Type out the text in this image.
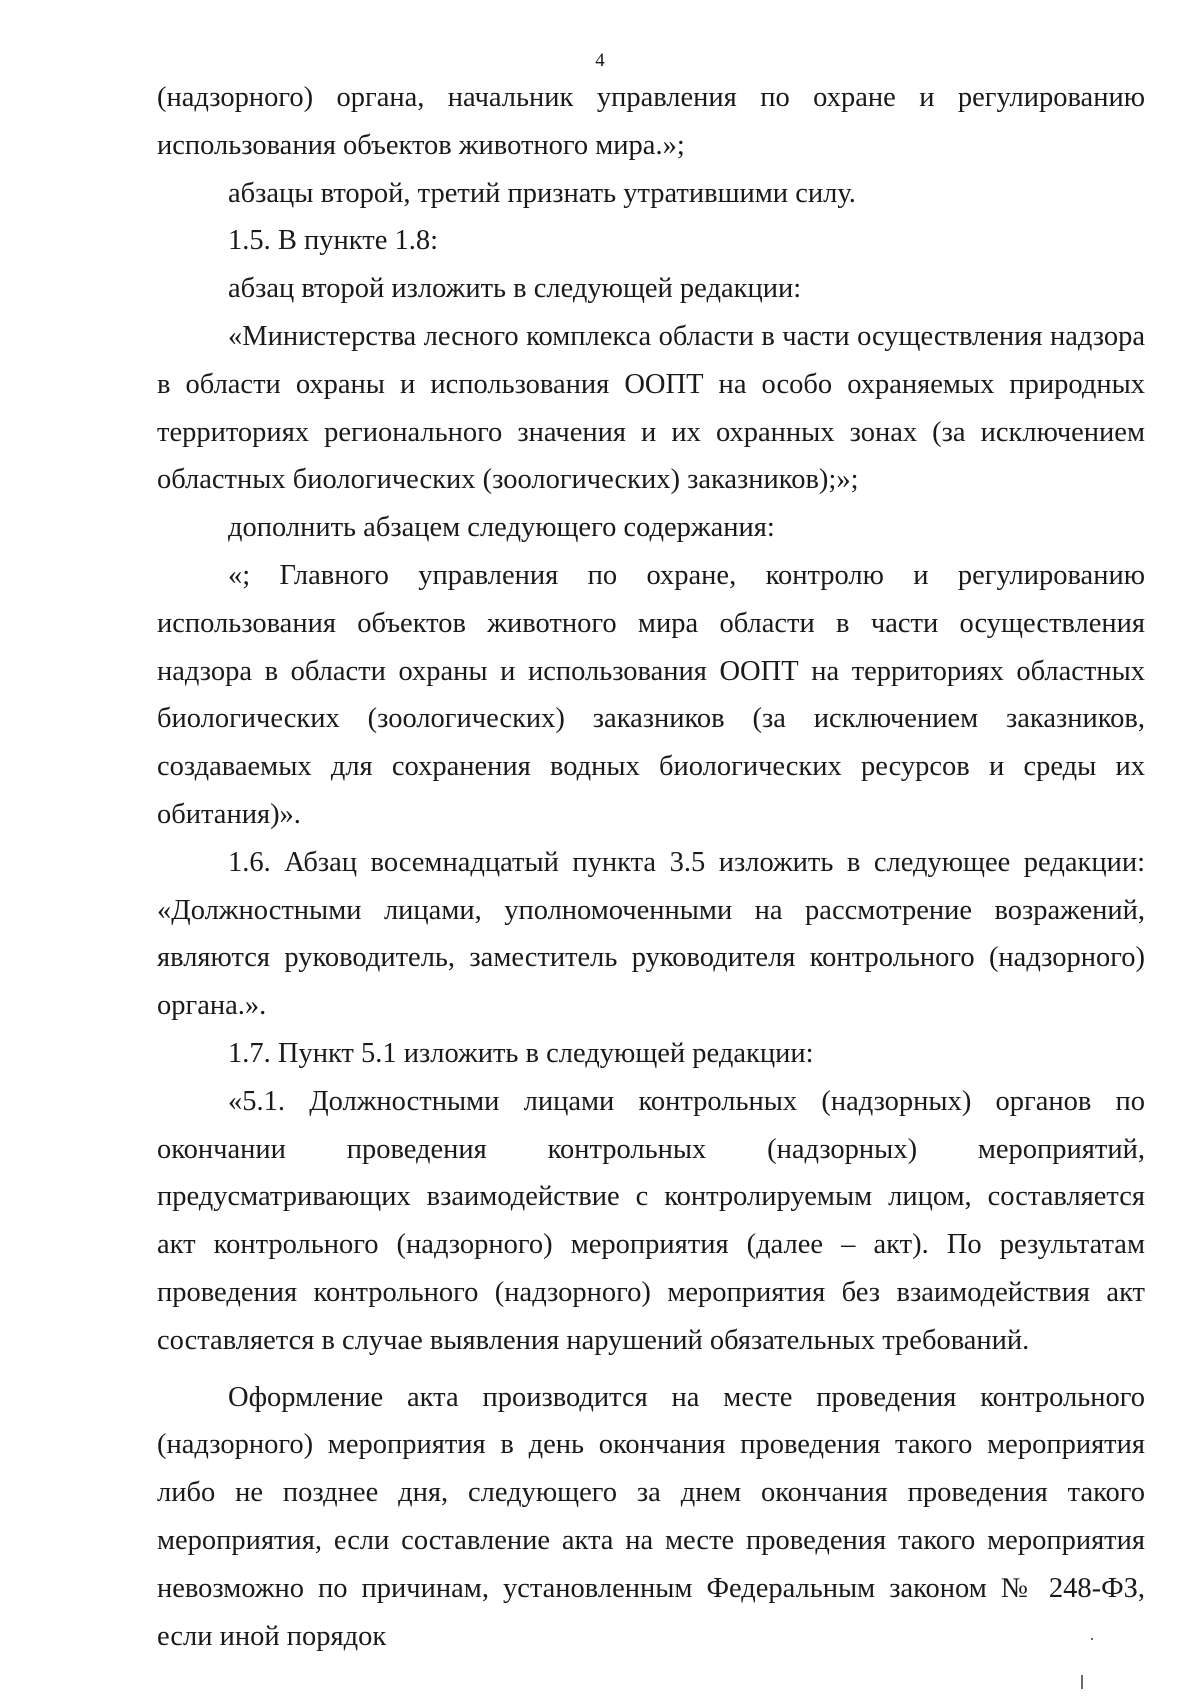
4

(надзорного) органа, начальник управления по охране и регулированию использования объектов животного мира.»;

абзацы второй, третий признать утратившими силу.

1.5. В пункте 1.8:

абзац второй изложить в следующей редакции:

«Министерства лесного комплекса области в части осуществления надзора в области охраны и использования ООПТ на особо охраняемых природных территориях регионального значения и их охранных зонах (за исключением областных биологических (зоологических) заказников);»;

дополнить абзацем следующего содержания:

«; Главного управления по охране, контролю и регулированию использования объектов животного мира области в части осуществления надзора в области охраны и использования ООПТ на территориях областных биологических (зоологических) заказников (за исключением заказников, создаваемых для сохранения водных биологических ресурсов и среды их обитания)».

1.6. Абзац восемнадцатый пункта 3.5 изложить в следующее редакции: «Должностными лицами, уполномоченными на рассмотрение возражений, являются руководитель, заместитель руководителя контрольного (надзорного) органа.».

1.7. Пункт 5.1 изложить в следующей редакции:

«5.1. Должностными лицами контрольных (надзорных) органов по окончании проведения контрольных (надзорных) мероприятий, предусматривающих взаимодействие с контролируемым лицом, составляется акт контрольного (надзорного) мероприятия (далее – акт). По результатам проведения контрольного (надзорного) мероприятия без взаимодействия акт составляется в случае выявления нарушений обязательных требований.

Оформление акта производится на месте проведения контрольного (надзорного) мероприятия в день окончания проведения такого мероприятия либо не позднее дня, следующего за днем окончания проведения такого мероприятия, если составление акта на месте проведения такого мероприятия невозможно по причинам, установленным Федеральным законом № 248-ФЗ, если иной порядок
